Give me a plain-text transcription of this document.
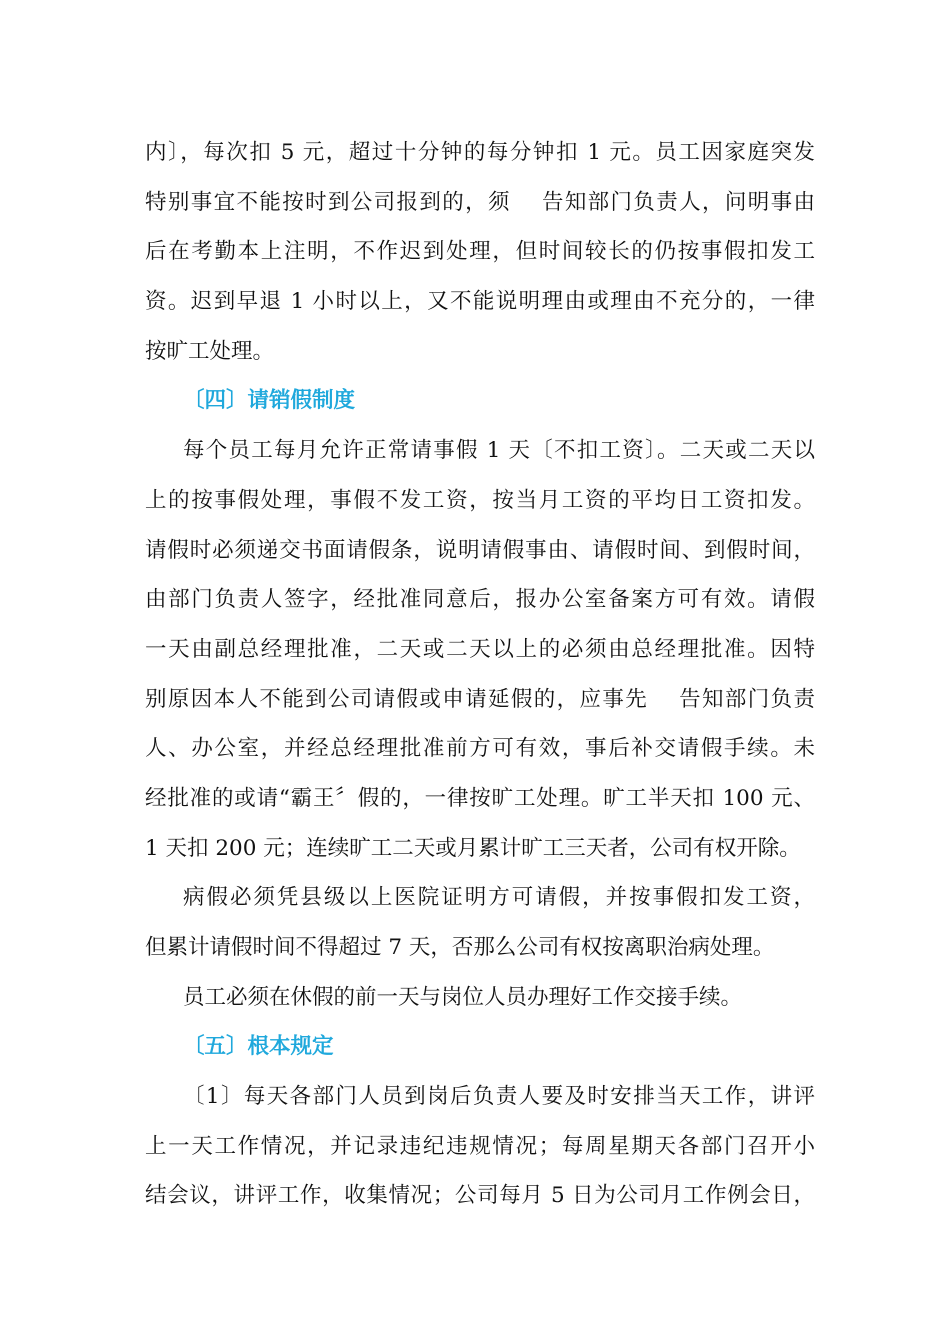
内〕，每次扣 5 元，超过十分钟的每分钟扣 1 元。员工因家庭突发
特别事宜不能按时到公司报到的，须　 告知部门负责人，问明事由
后在考勤本上注明，不作迟到处理，但时间较长的仍按事假扣发工
资。迟到早退 1 小时以上，又不能说明理由或理由不充分的，一律
按旷工处理。
〔四〕请销假制度
每个员工每月允许正常请事假 1 天〔不扣工资〕。二天或二天以
上的按事假处理，事假不发工资，按当月工资的平均日工资扣发。
请假时必须递交书面请假条，说明请假事由、请假时间、到假时间，
由部门负责人签字，经批准同意后，报办公室备案方可有效。请假
一天由副总经理批准，二天或二天以上的必须由总经理批准。因特
别原因本人不能到公司请假或申请延假的，应事先　 告知部门负责
人、办公室，并经总经理批准前方可有效，事后补交请假手续。未
经批准的或请“霸王〞假的，一律按旷工处理。旷工半天扣 100 元、
1 天扣 200 元；连续旷工二天或月累计旷工三天者，公司有权开除。
病假必须凭县级以上医院证明方可请假，并按事假扣发工资，
但累计请假时间不得超过 7 天，否那么公司有权按离职治病处理。
员工必须在休假的前一天与岗位人员办理好工作交接手续。
〔五〕根本规定
〔1〕每天各部门人员到岗后负责人要及时安排当天工作，讲评
上一天工作情况，并记录违纪违规情况；每周星期天各部门召开小
结会议，讲评工作，收集情况；公司每月 5 日为公司月工作例会日，
